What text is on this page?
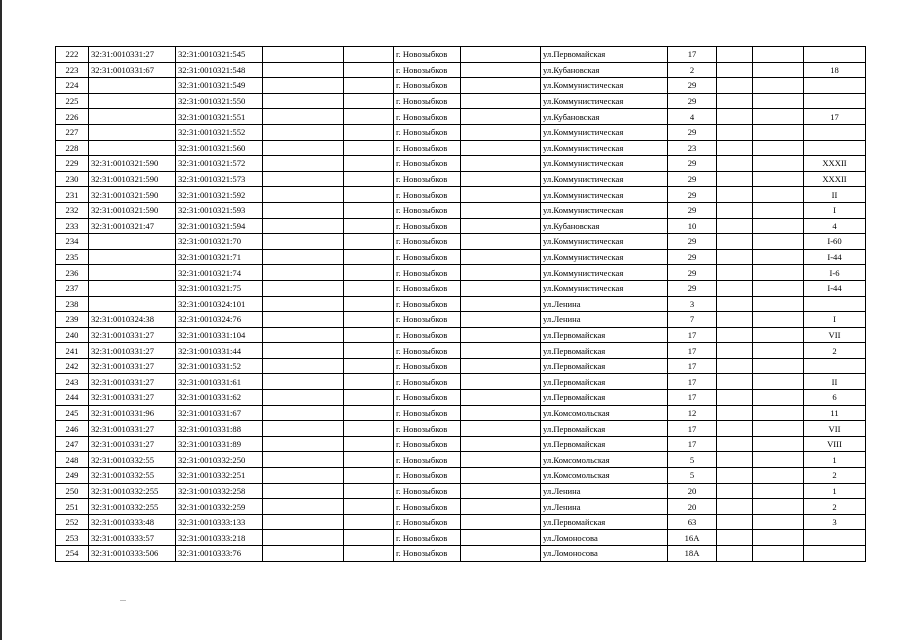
222	32:31:0010331:27	32:31:0010321:545			г. Новозыбков		ул.Первомайская	17			
223	32:31:0010331:67	32:31:0010321:548			г. Новозыбков		ул.Кубановская	2			18
224		32:31:0010321:549			г. Новозыбков		ул.Коммунистическая	29			
225		32:31:0010321:550			г. Новозыбков		ул.Коммунистическая	29			
226		32:31:0010321:551			г. Новозыбков		ул.Кубановская	4			17
227		32:31:0010321:552			г. Новозыбков		ул.Коммунистическая	29			
228		32:31:0010321:560			г. Новозыбков		ул.Коммунистическая	23			
229	32:31:0010321:590	32:31:0010321:572			г. Новозыбков		ул.Коммунистическая	29			XXXII
230	32:31:0010321:590	32:31:0010321:573			г. Новозыбков		ул.Коммунистическая	29			XXXII
231	32:31:0010321:590	32:31:0010321:592			г. Новозыбков		ул.Коммунистическая	29			II
232	32:31:0010321:590	32:31:0010321:593			г. Новозыбков		ул.Коммунистическая	29			I
233	32:31:0010321:47	32:31:0010321:594			г. Новозыбков		ул.Кубановская	10			4
234		32:31:0010321:70			г. Новозыбков		ул.Коммунистическая	29			I-60
235		32:31:0010321:71			г. Новозыбков		ул.Коммунистическая	29			I-44
236		32:31:0010321:74			г. Новозыбков		ул.Коммунистическая	29			I-6
237		32:31:0010321:75			г. Новозыбков		ул.Коммунистическая	29			I-44
238		32:31:0010324:101			г. Новозыбков		ул.Ленина	3			
239	32:31:0010324:38	32:31:0010324:76			г. Новозыбков		ул.Ленина	7			I
240	32:31:0010331:27	32:31:0010331:104			г. Новозыбков		ул.Первомайская	17			VII
241	32:31:0010331:27	32:31:0010331:44			г. Новозыбков		ул.Первомайская	17			2
242	32:31:0010331:27	32:31:0010331:52			г. Новозыбков		ул.Первомайская	17			
243	32:31:0010331:27	32:31:0010331:61			г. Новозыбков		ул.Первомайская	17			II
244	32:31:0010331:27	32:31:0010331:62			г. Новозыбков		ул.Первомайская	17			6
245	32:31:0010331:96	32:31:0010331:67			г. Новозыбков		ул.Комсомольская	12			11
246	32:31:0010331:27	32:31:0010331:88			г. Новозыбков		ул.Первомайская	17			VII
247	32:31:0010331:27	32:31:0010331:89			г. Новозыбков		ул.Первомайская	17			VIII
248	32:31:0010332:55	32:31:0010332:250			г. Новозыбков		ул.Комсомольская	5			1
249	32:31:0010332:55	32:31:0010332:251			г. Новозыбков		ул.Комсомольская	5			2
250	32:31:0010332:255	32:31:0010332:258			г. Новозыбков		ул.Ленина	20			1
251	32:31:0010332:255	32:31:0010332:259			г. Новозыбков		ул.Ленина	20			2
252	32:31:0010333:48	32:31:0010333:133			г. Новозыбков		ул.Первомайская	63			3
253	32:31:0010333:57	32:31:0010333:218			г. Новозыбков		ул.Ломоносова	16А			
254	32:31:0010333:506	32:31:0010333:76			г. Новозыбков		ул.Ломоносова	18А			
